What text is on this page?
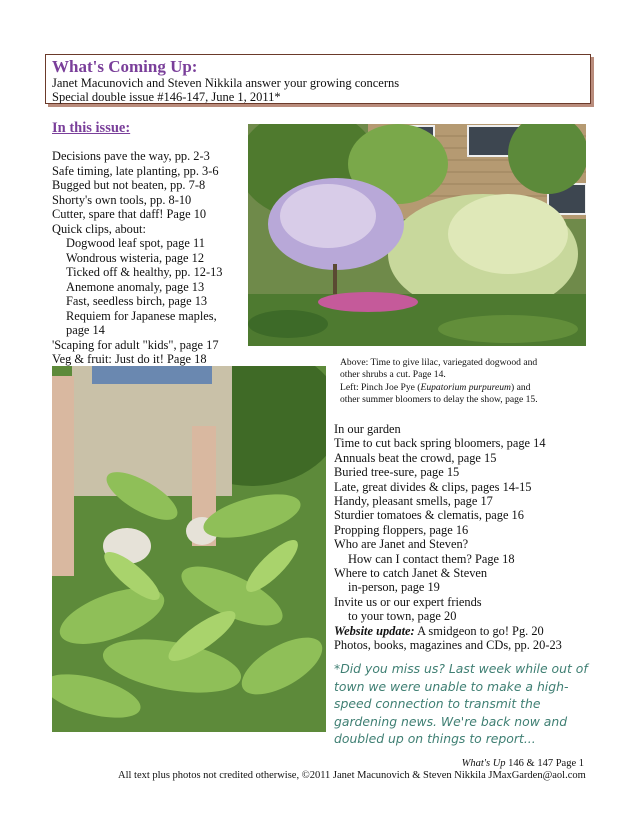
What's Coming Up:
Janet Macunovich and Steven Nikkila answer your growing concerns
Special double issue #146-147, June 1, 2011*
In this issue:
Decisions pave the way, pp. 2-3
Safe timing, late planting, pp. 3-6
Bugged but not beaten, pp. 7-8
Shorty's own tools, pp. 8-10
Cutter, spare that daff! Page 10
Quick clips, about:
Dogwood leaf spot, page 11
Wondrous wisteria, page 12
Ticked off & healthy, pp. 12-13
Anemone anomaly, page 13
Fast, seedless birch, page 13
Requiem for Japanese maples,
page 14
'Scaping for adult "kids", page 17
Veg & fruit: Just do it! Page 18	Above: Time to give lilac, variegated dogwood and
other shrubs a cut. Page 14.
Left: Pinch Joe Pye (Eupatorium purpureum) and
other summer bloomers to delay the show, page 15.
In our garden
Time to cut back spring bloomers, page 14
Annuals beat the crowd, page 15
Buried tree-sure, page 15
Late, great divides & clips, pages 14-15
Handy, pleasant smells, page 17
Sturdier tomatoes & clematis, page 16
Propping floppers, page 16
Who are Janet and Steven?
How can I contact them? Page 18
Where to catch Janet & Steven
in-person, page 19
Invite us or our expert friends
to your town, page 20
Website update: A smidgeon to go! Pg. 20
Photos, books, magazines and CDs, pp. 20-23
*Did you miss us? Last week while out of town we were unable to make a high-speed connection to transmit the gardening news. We're back now and doubled up on things to report...
What's Up 146 & 147 Page 1
All text plus photos not credited otherwise, ©2011 Janet Macunovich & Steven Nikkila JMaxGarden@aol.com
